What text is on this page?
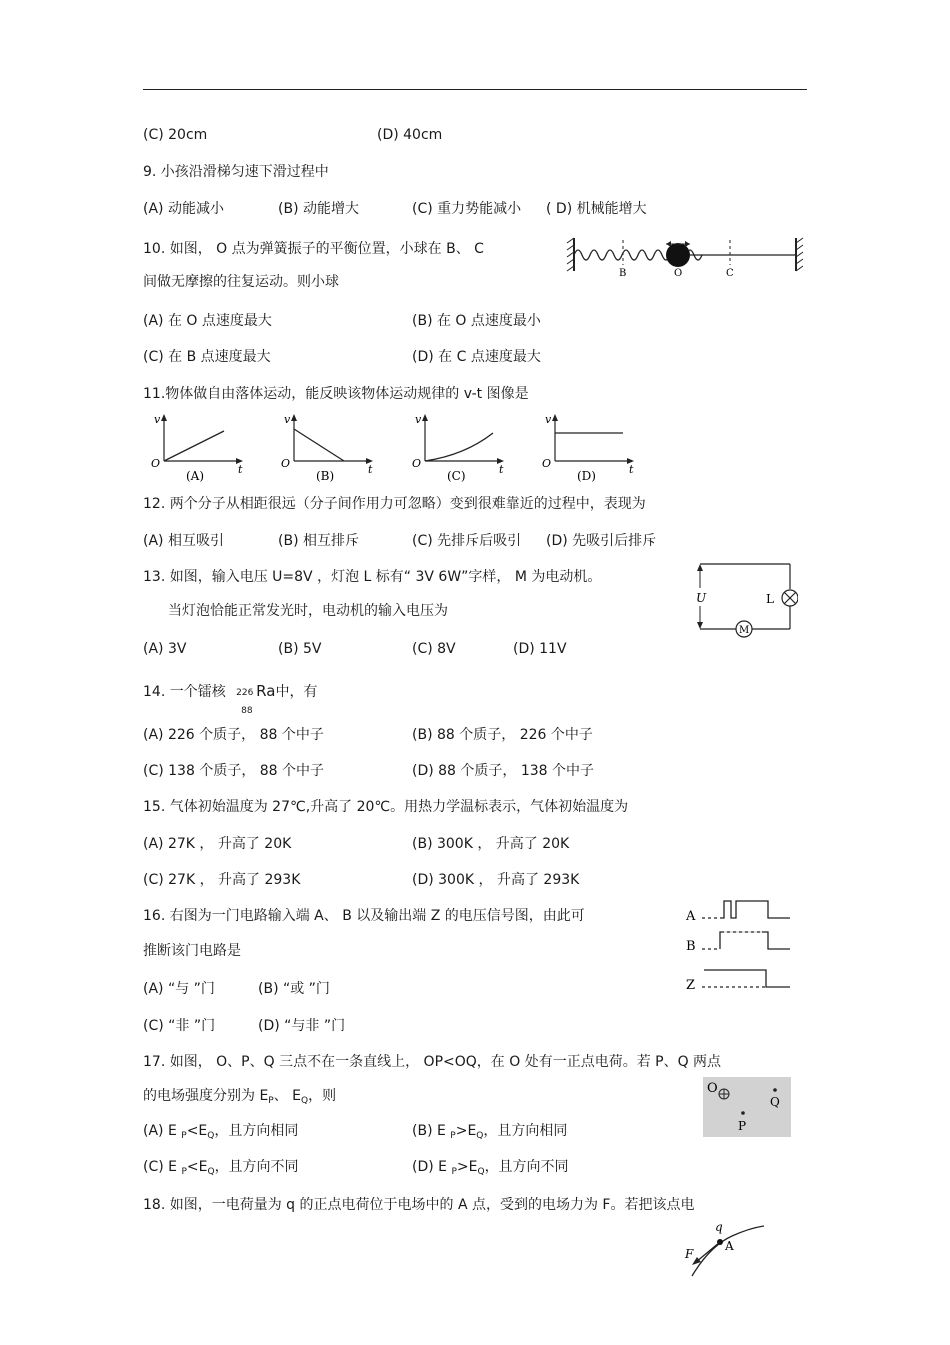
(C) 20cm	(D) 40cm
9. 小孩沿滑梯匀速下滑过程中
(A) 动能减小	(B) 动能增大	(C) 重力势能减小 ( D) 机械能增大
10. 如图， O 点为弹簧振子的平衡位置，小球在 B、 C
间做无摩擦的往复运动。则小球
B	O	C
(A) 在 O 点速度最大	(B) 在 O 点速度最小
(C) 在 B 点速度最大	(D) 在 C 点速度最大
11.物体做自由落体运动，能反映该物体运动规律的 v-t 图像是
v
t
O
(A)
v
t
O
(B)
v
t
O
(C)
v
t
O
(D)
12. 两个分子从相距很远（分子间作用力可忽略）变到很难靠近的过程中，表现为
(A) 相互吸引	(B) 相互排斥	(C) 先排斥后吸引 (D) 先吸引后排斥
13. 如图，输入电压 U=8V ，灯泡 L 标有“ 3V 6W”字样， M 为电动机。
当灯泡恰能正常发光时，电动机的输入电压为
U	L
M
(A) 3V	(B) 5V	(C) 8V	(D) 11V
14. 一个镭核 226
88
Ra中，有
(A) 226 个质子， 88 个中子	(B) 88 个质子， 226 个中子
(C) 138 个质子， 88 个中子	(D) 88 个质子， 138 个中子
15. 气体初始温度为 27℃,升高了 20℃。用热力学温标表示，气体初始温度为
(A) 27K ， 升高了 20K	(B) 300K ， 升高了 20K
(C) 27K ， 升高了 293K	(D) 300K ， 升高了 293K
16. 右图为一门电路输入端 A、 B 以及输出端 Z 的电压信号图，由此可
推断该门电路是
A
B
Z
(A) “与 ”门	(B) “或 ”门
(C) “非 ”门	(D) “与非 ”门
17. 如图， O、P、Q 三点不在一条直线上， OP<OQ，在 O 处有一正点电荷。若 P、Q 两点
的电场强度分别为 $E_P$、 $E_Q$，则	O
Q
P
(A) E $_P<E_Q$，且方向相同	(B) E $_P>E_Q$，且方向相同
(C) E $_P<E_Q$，且方向不同	(D) E $_P>E_Q$，且方向不同
18. 如图，一电荷量为 q 的正点电荷位于电场中的 A 点，受到的电场力为 F。若把该点电
q
A
F
